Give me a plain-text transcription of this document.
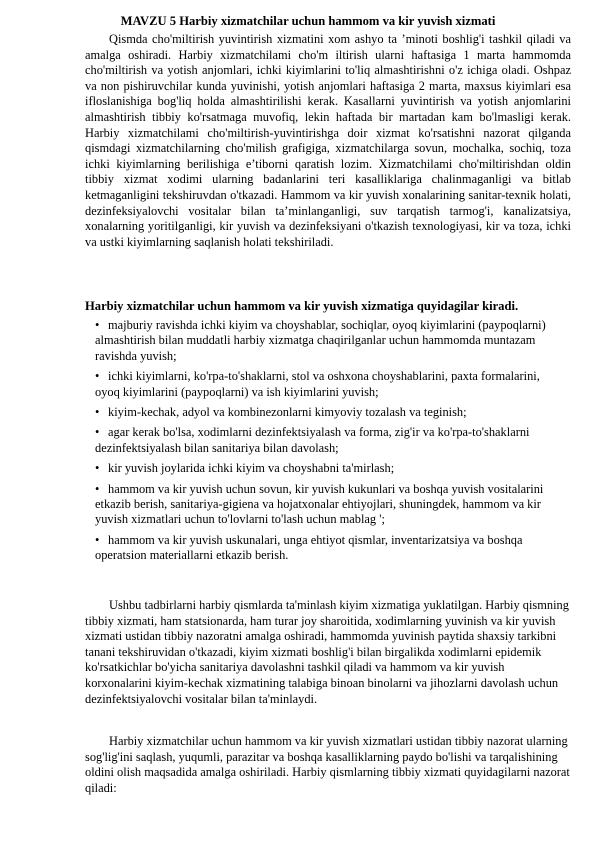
MAVZU 5 Harbiy xizmatchilar uchun hammom va kir yuvish xizmati

Qismda cho'miltirish yuvintirish xizmatini xom ashyo ta ’minoti boshlig'i tashkil qiladi va amalga oshiradi. Harbiy xizmatchilami cho'm iltirish ularni haftasiga 1 marta hammomda cho'miltirish va yotish anjomlari, ichki kiyimlarini to'liq almashtirishni o'z ichiga oladi. Oshpaz va non pishiruvchilar kunda yuvinishi, yotish anjomlari haftasiga 2 marta, maxsus kiyimlari esa ifloslanishiga bog'liq holda almashtirilishi kerak. Kasallarni yuvintirish va yotish anjomlarini almashtirish tibbiy ko'rsatmaga muvofiq, lekin haftada bir martadan kam bo'lmasligi kerak. Harbiy xizmatchilami cho'miltirish-yuvintirishga doir xizmat ko'rsatishni nazorat qilganda qismdagi xizmatchilarning cho'milish grafigiga, xizmatchilarga sovun, mochalka, sochiq, toza ichki kiyimlarning berilishiga e’tiborni qaratish lozim. Xizmatchilami cho'miltirishdan oldin tibbiy xizmat xodimi ularning badanlarini teri kasalliklariga chalinmaganligi va bitlab ketmaganligini tekshiruvdan o'tkazadi. Hammom va kir yuvish xonalarining sanitar-texnik holati, dezinfeksiyalovchi vositalar bilan ta’minlanganligi, suv tarqatish tarmog'i, kanalizatsiya, xonalarning yoritilganligi, kir yuvish va dezinfeksiyani o'tkazish texnologiyasi, kir va toza, ichki va ustki kiyimlarning saqlanish holati tekshiriladi.

Harbiy xizmatchilar uchun hammom va kir yuvish xizmatiga quyidagilar kiradi.
• majburiy ravishda ichki kiyim va choyshablar, sochiqlar, oyoq kiyimlarini (paypoqlarni) almashtirish bilan muddatli harbiy xizmatga chaqirilganlar uchun hammomda muntazam ravishda yuvish;
• ichki kiyimlarni, ko'rpa-to'shaklarni, stol va oshxona choyshablarini, paxta formalarini, oyoq kiyimlarini (paypoqlarni) va ish kiyimlarini yuvish;
• kiyim-kechak, adyol va kombinezonlarni kimyoviy tozalash va teginish;
• agar kerak bo'lsa, xodimlarni dezinfektsiyalash va forma, zig'ir va ko'rpa-to'shaklarni dezinfektsiyalash bilan sanitariya bilan davolash;
• kir yuvish joylarida ichki kiyim va choyshabni ta'mirlash;
• hammom va kir yuvish uchun sovun, kir yuvish kukunlari va boshqa yuvish vositalarini etkazib berish, sanitariya-gigiena va hojatxonalar ehtiyojlari, shuningdek, hammom va kir yuvish xizmatlari uchun to'lovlarni to'lash uchun mablag ';
• hammom va kir yuvish uskunalari, unga ehtiyot qismlar, inventarizatsiya va boshqa operatsion materiallarni etkazib berish.

Ushbu tadbirlarni harbiy qismlarda ta'minlash kiyim xizmatiga yuklatilgan. Harbiy qismning tibbiy xizmati, ham statsionarda, ham turar joy sharoitida, xodimlarning yuvinish va kir yuvish xizmati ustidan tibbiy nazoratni amalga oshiradi, hammomda yuvinish paytida shaxsiy tarkibni tanani tekshiruvidan o'tkazadi, kiyim xizmati boshlig'i bilan birgalikda xodimlarni epidemik ko'rsatkichlar bo'yicha sanitariya davolashni tashkil qiladi va hammom va kir yuvish korxonalarini kiyim-kechak xizmatining talabiga binoan binolarni va jihozlarni davolash uchun dezinfektsiyalovchi vositalar bilan ta'minlaydi.

Harbiy xizmatchilar uchun hammom va kir yuvish xizmatlari ustidan tibbiy nazorat ularning sog'lig'ini saqlash, yuqumli, parazitar va boshqa kasalliklarning paydo bo'lishi va tarqalishining oldini olish maqsadida amalga oshiriladi. Harbiy qismlarning tibbiy xizmati quyidagilarni nazorat qiladi:
